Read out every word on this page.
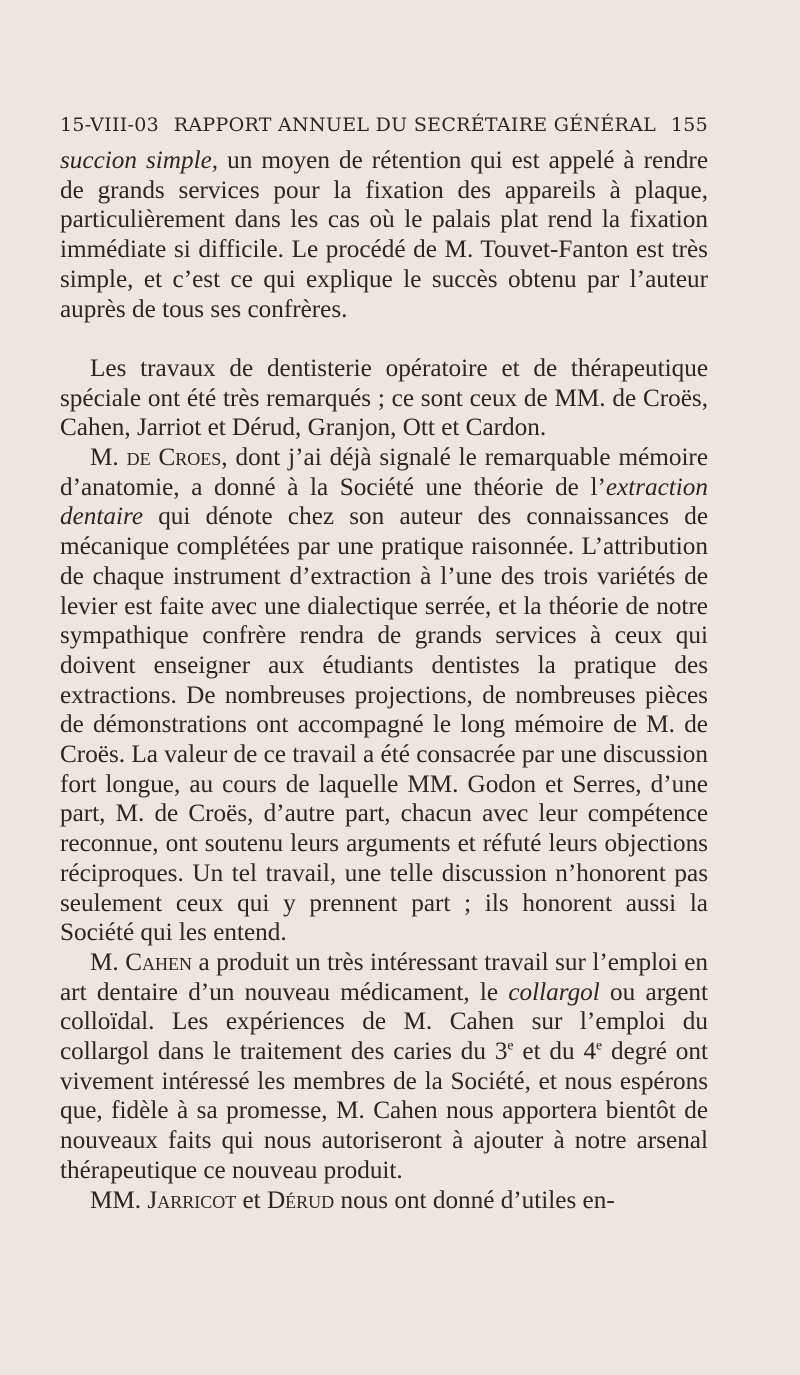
15-VIII-03 RAPPORT ANNUEL DU SECRÉTAIRE GÉNÉRAL 155

succion simple, un moyen de rétention qui est appelé à rendre de grands services pour la fixation des appareils à plaque, particulièrement dans les cas où le palais plat rend la fixation immédiate si difficile. Le procédé de M. Touvet-Fanton est très simple, et c’est ce qui explique le succès obtenu par l’auteur auprès de tous ses confrères.

Les travaux de dentisterie opératoire et de thérapeutique spéciale ont été très remarqués ; ce sont ceux de MM. de Croës, Cahen, Jarriot et Dérud, Granjon, Ott et Cardon.

M. de Croes, dont j’ai déjà signalé le remarquable mémoire d’anatomie, a donné à la Société une théorie de l’extraction dentaire qui dénote chez son auteur des connaissances de mécanique complétées par une pratique raisonnée. L’attribution de chaque instrument d’extraction à l’une des trois variétés de levier est faite avec une dialectique serrée, et la théorie de notre sympathique confrère rendra de grands services à ceux qui doivent enseigner aux étudiants dentistes la pratique des extractions. De nombreuses projections, de nombreuses pièces de démonstrations ont accompagné le long mémoire de M. de Croës. La valeur de ce travail a été consacrée par une discussion fort longue, au cours de laquelle MM. Godon et Serres, d’une part, M. de Croës, d’autre part, chacun avec leur compétence reconnue, ont soutenu leurs arguments et réfuté leurs objections réciproques. Un tel travail, une telle discussion n’honorent pas seulement ceux qui y prennent part ; ils honorent aussi la Société qui les entend.

M. Cahen a produit un très intéressant travail sur l’emploi en art dentaire d’un nouveau médicament, le collargol ou argent colloïdal. Les expériences de M. Cahen sur l’emploi du collargol dans le traitement des caries du 3e et du 4e degré ont vivement intéressé les membres de la Société, et nous espérons que, fidèle à sa promesse, M. Cahen nous apportera bientôt de nouveaux faits qui nous autoriseront à ajouter à notre arsenal thérapeutique ce nouveau produit.

MM. Jarricot et Dérud nous ont donné d’utiles en-
